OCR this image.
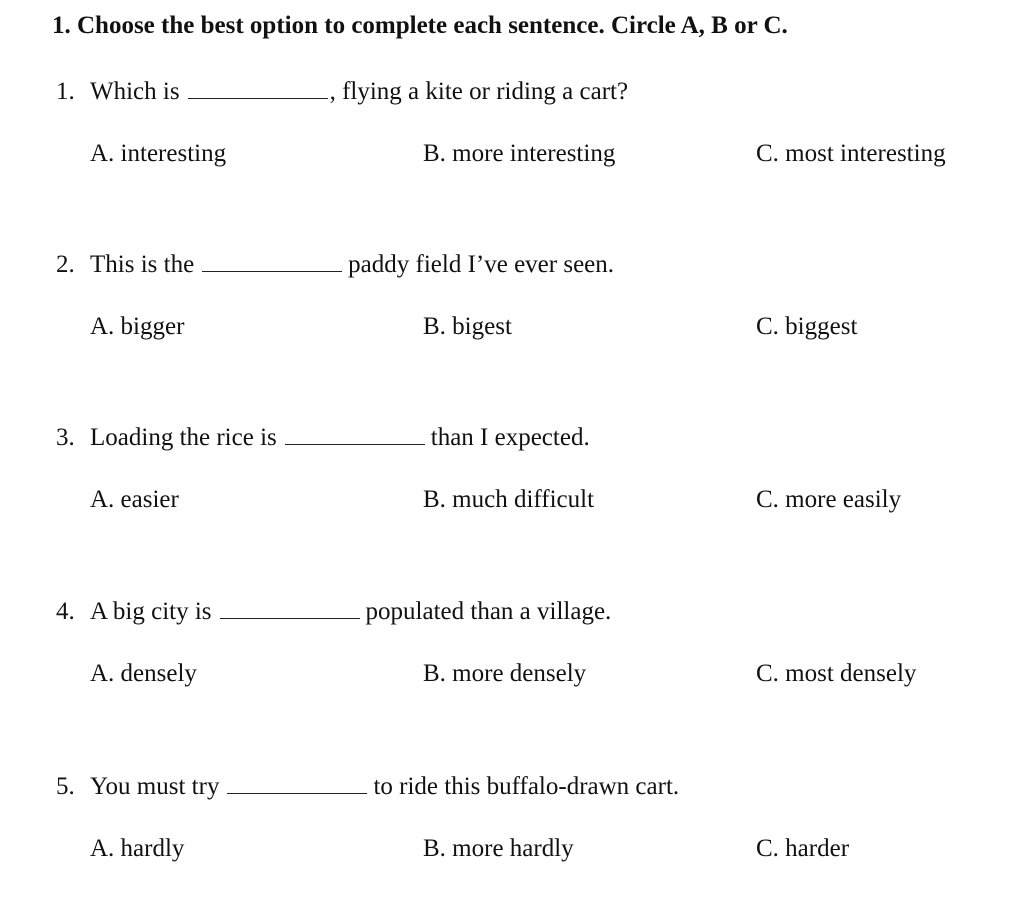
1. Choose the best option to complete each sentence. Circle A, B or C.
1. Which is	, flying a kite or riding a cart?
A. interesting	B. more interesting	C. most interesting
2. This is the	paddy field I’ve ever seen.
A. bigger	B. bigest	C. biggest
3. Loading the rice is	than I expected.
A. easier	B. much difficult	C. more easily
4. A big city is	populated than a village.
A. densely	B. more densely	C. most densely
5. You must try	to ride this buffalo-drawn cart.
A. hardly	B. more hardly	C. harder
